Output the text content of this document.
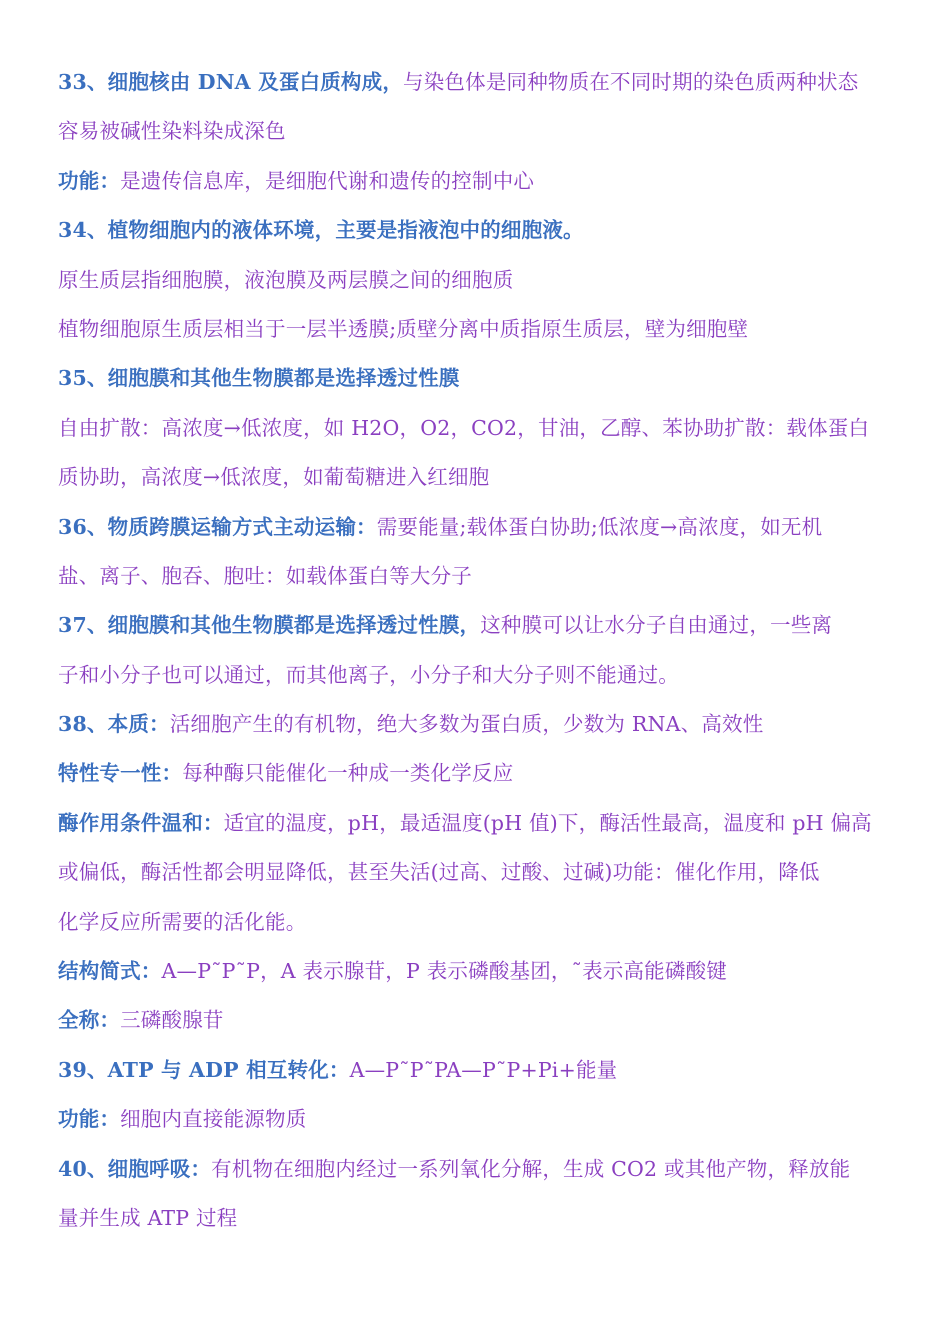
33、细胞核由 DNA 及蛋白质构成，与染色体是同种物质在不同时期的染色质两种状态
容易被碱性染料染成深色
功能：是遗传信息库，是细胞代谢和遗传的控制中心
34、植物细胞内的液体环境，主要是指液泡中的细胞液。
原生质层指细胞膜，液泡膜及两层膜之间的细胞质
植物细胞原生质层相当于一层半透膜;质壁分离中质指原生质层，壁为细胞壁
35、细胞膜和其他生物膜都是选择透过性膜
自由扩散：高浓度→低浓度，如 H2O，O2，CO2，甘油，乙醇、苯协助扩散：载体蛋白
质协助，高浓度→低浓度，如葡萄糖进入红细胞
36、物质跨膜运输方式主动运输：需要能量;载体蛋白协助;低浓度→高浓度，如无机
盐、离子、胞吞、胞吐：如载体蛋白等大分子
37、细胞膜和其他生物膜都是选择透过性膜，这种膜可以让水分子自由通过，一些离
子和小分子也可以通过，而其他离子，小分子和大分子则不能通过。
38、本质：活细胞产生的有机物，绝大多数为蛋白质，少数为 RNA、高效性
特性专一性：每种酶只能催化一种成一类化学反应
酶作用条件温和：适宜的温度，pH，最适温度(pH 值)下，酶活性最高，温度和 pH 偏高
或偏低，酶活性都会明显降低，甚至失活(过高、过酸、过碱)功能：催化作用，降低
化学反应所需要的活化能。
结构简式：A—P˜P˜P，A 表示腺苷，P 表示磷酸基团，˜表示高能磷酸键
全称：三磷酸腺苷
39、ATP 与 ADP 相互转化：A—P˜P˜PA—P˜P+Pi+能量
功能：细胞内直接能源物质
40、细胞呼吸：有机物在细胞内经过一系列氧化分解，生成 CO2 或其他产物，释放能
量并生成 ATP 过程
